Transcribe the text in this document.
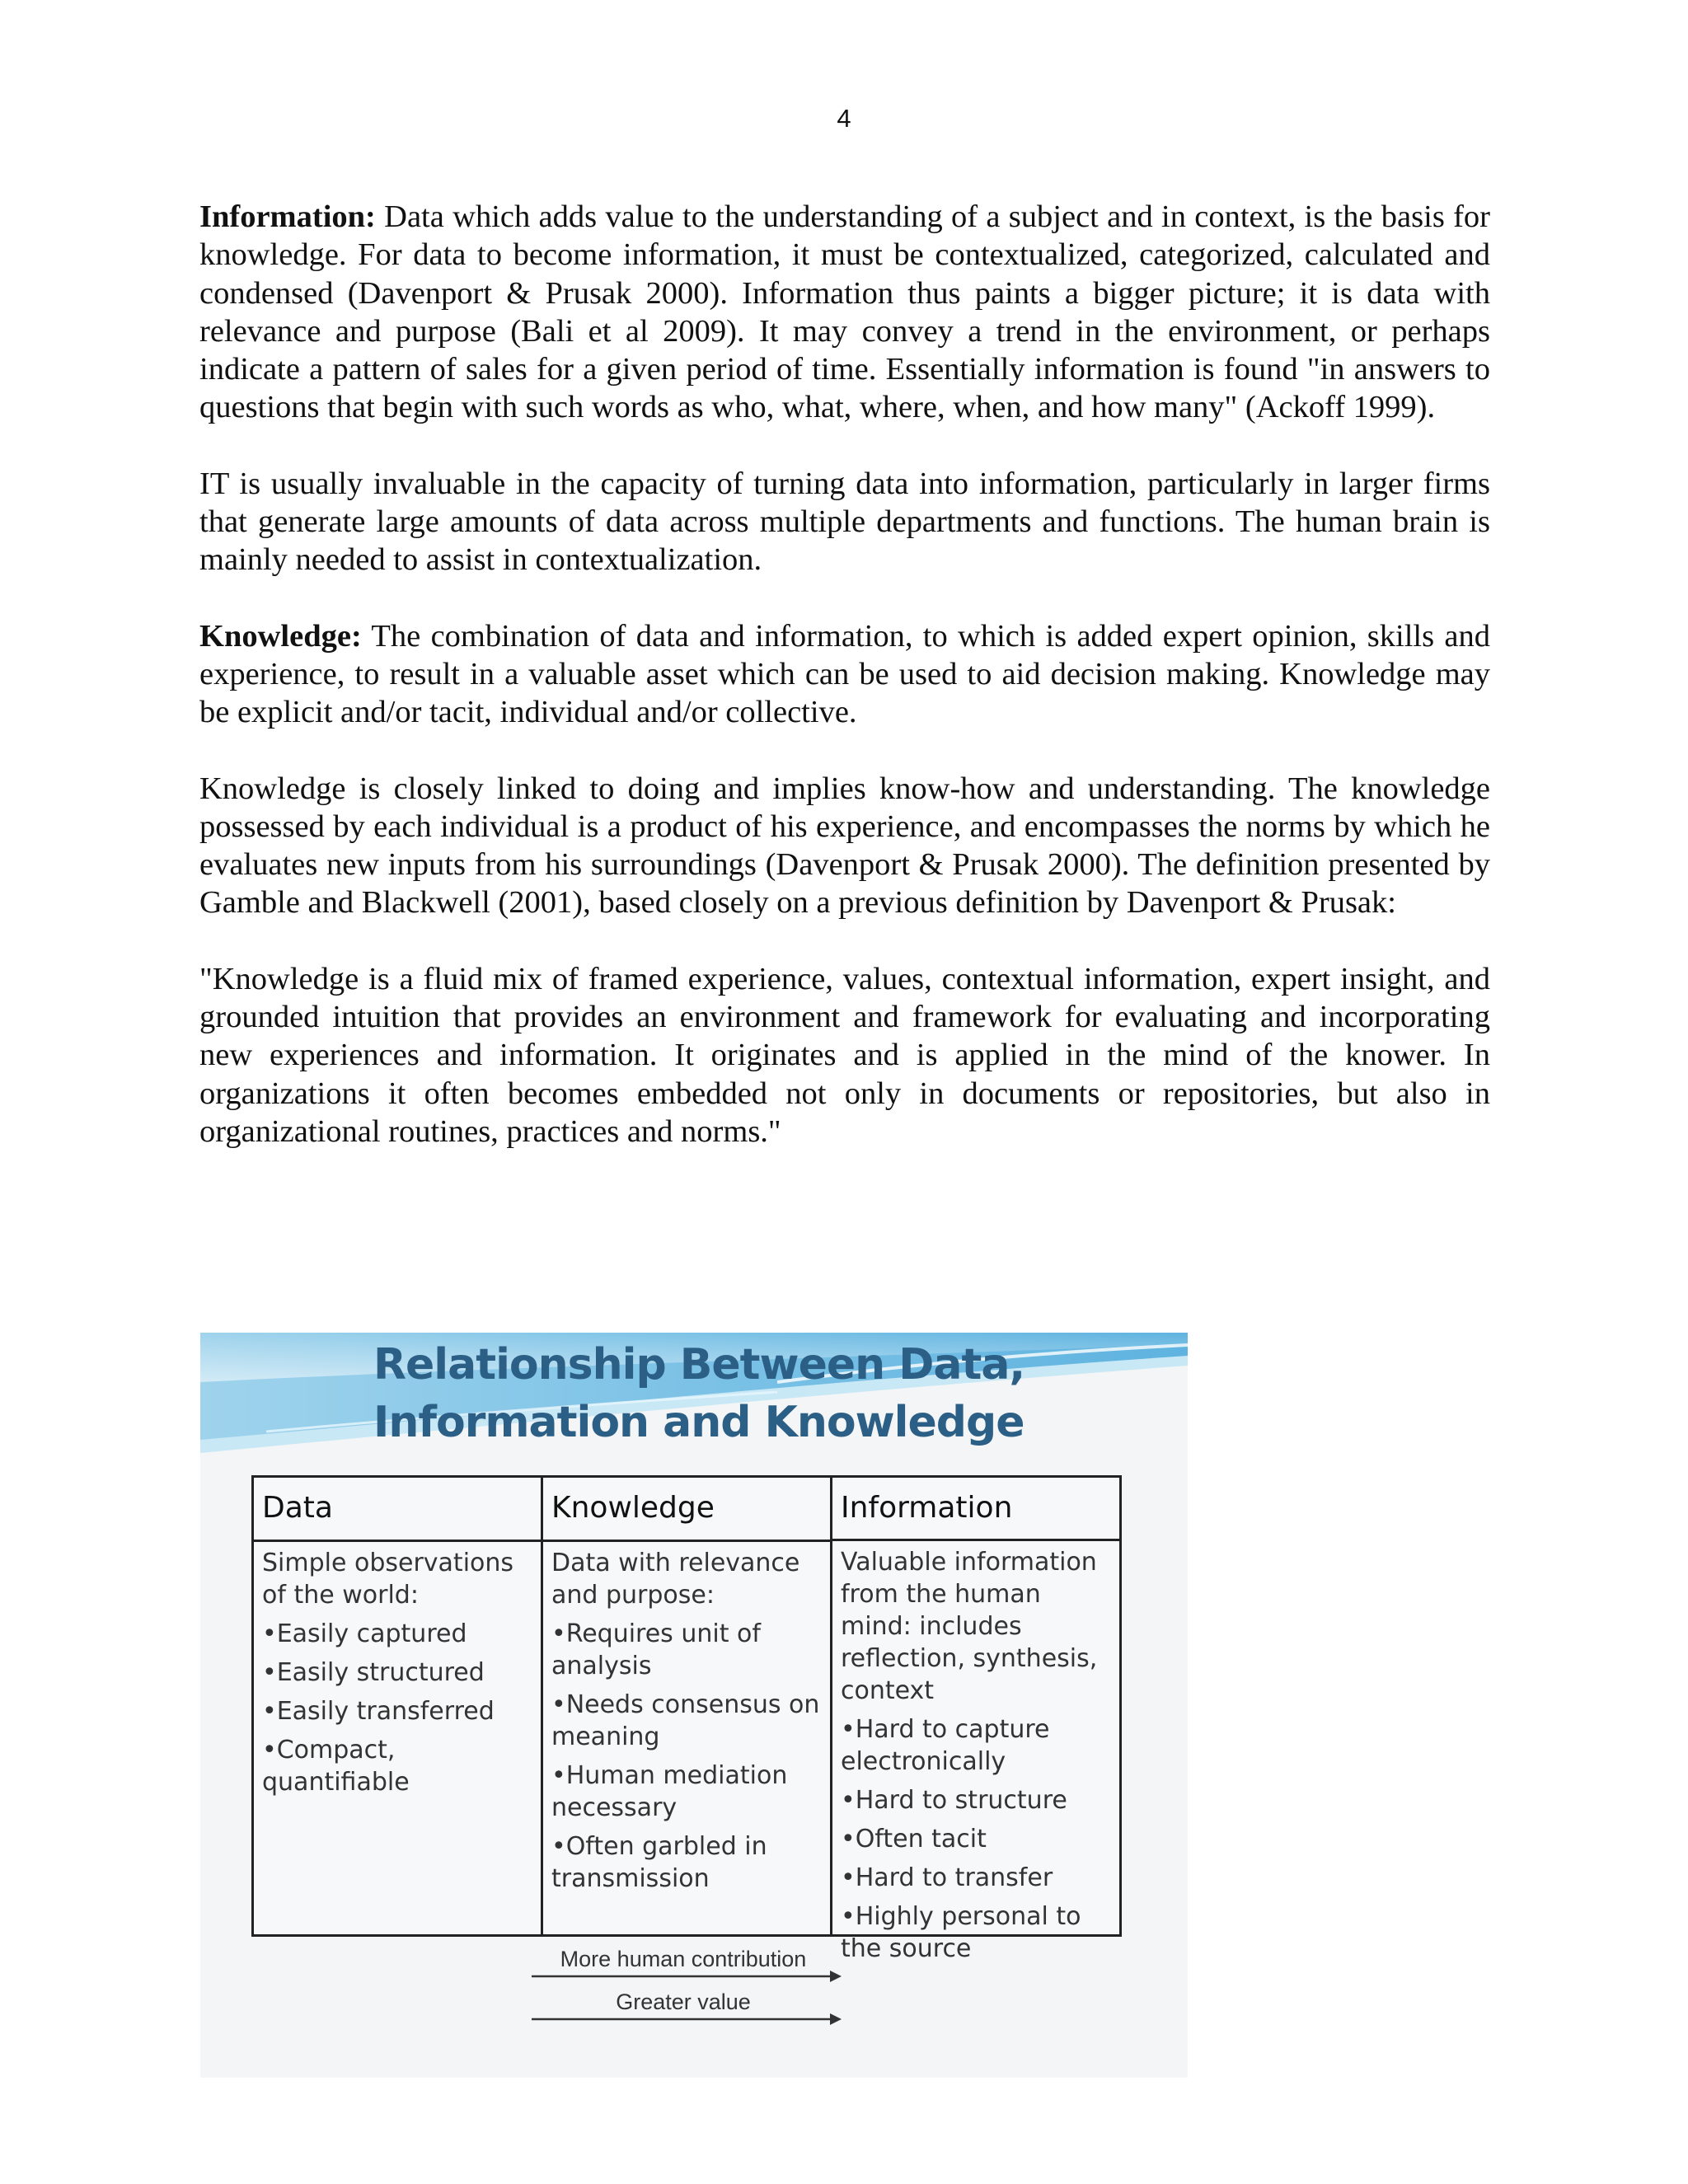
4

Information: Data which adds value to the understanding of a subject and in context, is the basis for knowledge. For data to become information, it must be contextualized, categorized, calculated and condensed (Davenport & Prusak 2000). Information thus paints a bigger picture; it is data with relevance and purpose (Bali et al 2009). It may convey a trend in the environment, or perhaps indicate a pattern of sales for a given period of time. Essentially information is found "in answers to questions that begin with such words as who, what, where, when, and how many" (Ackoff 1999).

IT is usually invaluable in the capacity of turning data into information, particularly in larger firms that generate large amounts of data across multiple departments and functions. The human brain is mainly needed to assist in contextualization.

Knowledge: The combination of data and information, to which is added expert opinion, skills and experience, to result in a valuable asset which can be used to aid decision making. Knowledge may be explicit and/or tacit, individual and/or collective.

Knowledge is closely linked to doing and implies know-how and understanding. The knowledge possessed by each individual is a product of his experience, and encompasses the norms by which he evaluates new inputs from his surroundings (Davenport & Prusak 2000). The definition presented by Gamble and Blackwell (2001), based closely on a previous definition by Davenport & Prusak:

"Knowledge is a fluid mix of framed experience, values, contextual information, expert insight, and grounded intuition that provides an environment and framework for evaluating and incorporating new experiences and information. It originates and is applied in the mind of the knower. In organizations it often becomes embedded not only in documents or repositories, but also in organizational routines, practices and norms."

Relationship Between Data,
Information and Knowledge
Data
Simple observations of the world:
•Easily captured
•Easily structured
•Easily transferred
•Compact, quantifiable
Knowledge
Data with relevance and purpose:
•Requires unit of analysis
•Needs consensus on meaning
•Human mediation necessary
•Often garbled in transmission
Information
Valuable information from the human mind: includes reflection, synthesis, context
•Hard to capture electronically
•Hard to structure
•Often tacit
•Hard to transfer
•Highly personal to the source
More human contribution
Greater value
